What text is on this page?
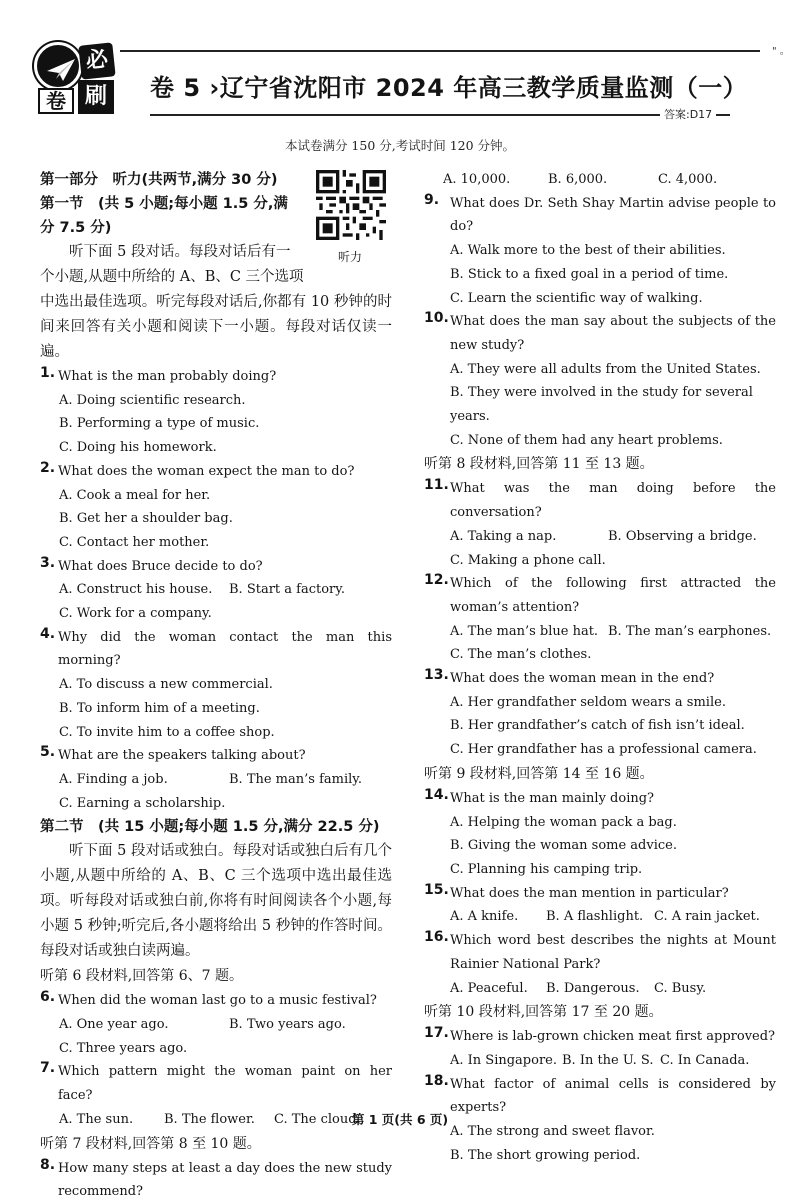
必
卷 刷 卷 5 ›辽宁省沈阳市 2024 年高三教学质量监测（一）
答案:D17
" 。
本试卷满分 150 分,考试时间 120 分钟。
听力
第一部分　听力(共两节,满分 30 分)
第一节　(共 5 小题;每小题 1.5 分,满
分 7.5 分)
　　听下面 5 段对话。每段对话后有一
个小题,从题中所给的 A、B、C 三个选项
中选出最佳选项。听完每段对话后,你都有 10 秒钟的时间来回答有关小题和阅读下一小题。每段对话仅读一遍。
1. What is the man probably doing?
A. Doing scientific research.
B. Performing a type of music.
C. Doing his homework.
2. What does the woman expect the man to do?
A. Cook a meal for her.
B. Get her a shoulder bag.
C. Contact her mother.
3. What does Bruce decide to do?
A. Construct his house.	B. Start a factory.
C. Work for a company.
4. Why did the woman contact the man this morning?
A. To discuss a new commercial.
B. To inform him of a meeting.
C. To invite him to a coffee shop.
5. What are the speakers talking about?
A. Finding a job.	B. The man’s family.
C. Earning a scholarship.
第二节　(共 15 小题;每小题 1.5 分,满分 22.5 分)
　　听下面 5 段对话或独白。每段对话或独白后有几个小题,从题中所给的 A、B、C 三个选项中选出最佳选项。听每段对话或独白前,你将有时间阅读各个小题,每小题 5 秒钟;听完后,各小题将给出 5 秒钟的作答时间。每段对话或独白读两遍。
听第 6 段材料,回答第 6、7 题。
6. When did the woman last go to a music festival?
A. One year ago.	B. Two years ago.
C. Three years ago.
7. Which pattern might the woman paint on her face?
A. The sun.	B. The flower.	C. The cloud.
听第 7 段材料,回答第 8 至 10 题。
8. How many steps at least a day does the new study recommend?
A. 10,000.	B. 6,000.	C. 4,000.
9. What does Dr. Seth Shay Martin advise people to do?
A. Walk more to the best of their abilities.
B. Stick to a fixed goal in a period of time.
C. Learn the scientific way of walking.
10. What does the man say about the subjects of the new study?
A. They were all adults from the United States.
B. They were involved in the study for several years.
C. None of them had any heart problems.
听第 8 段材料,回答第 11 至 13 题。
11. What was the man doing before the conversation?
A. Taking a nap.	B. Observing a bridge.
C. Making a phone call.
12. Which of the following first attracted the woman’s attention?
A. The man’s blue hat. B. The man’s earphones.
C. The man’s clothes.
13. What does the woman mean in the end?
A. Her grandfather seldom wears a smile.
B. Her grandfather’s catch of fish isn’t ideal.
C. Her grandfather has a professional camera.
听第 9 段材料,回答第 14 至 16 题。
14. What is the man mainly doing?
A. Helping the woman pack a bag.
B. Giving the woman some advice.
C. Planning his camping trip.
15. What does the man mention in particular?
A. A knife.	B. A flashlight. C. A rain jacket.
16. Which word best describes the nights at Mount Rainier National Park?
A. Peaceful.	B. Dangerous.	C. Busy.
听第 10 段材料,回答第 17 至 20 题。
17. Where is lab-grown chicken meat first approved?
A. In Singapore. B. In the U. S. C. In Canada.
18. What factor of animal cells is considered by experts?
A. The strong and sweet flavor.
B. The short growing period.
第 1 页(共 6 页)
